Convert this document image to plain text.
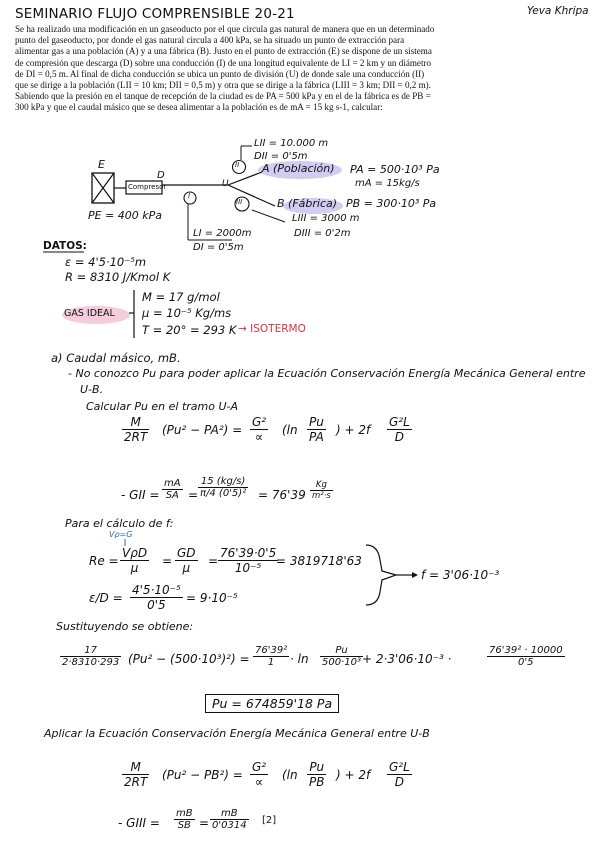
SEMINARIO FLUJO COMPRENSIBLE 20-21	Yeva Khripa
Se ha realizado una modificación en un gaseoducto por el que circula gas natural de manera que en un determinado
punto del gaseoducto, por donde el gas natural circula a 400 kPa, se ha situado un punto de extracción para
alimentar gas a una población (A) y a una fábrica (B). Justo en el punto de extracción (E) se dispone de un sistema
de compresión que descarga (D) sobre una conducción (I) de una longitud equivalente de LI = 2 km y un diámetro
de DI = 0,5 m. Al final de dicha conducción se ubica un punto de división (U) de donde sale una conducción (II)
que se dirige a la población (LII = 10 km; DII = 0,5 m) y otra que se dirige a la fábrica (LIII = 3 km; DII = 0,2 m).
Sabiendo que la presión en el tanque de recepción de la ciudad es de PA = 500 kPa y en el de la fábrica es de PB =
300 kPa y que el caudal másico que se desea alimentar a la población es de mA = 15 kg s-1, calcular:
E
D
Compresor	U
I
II
III
A (Población)
B (Fábrica)
PE = 400 kPa
LII = 10.000 m
DII = 0'5m
PA = 500·10³ Pa
mA = 15kg/s
PB = 300·10³ Pa
LIII = 3000 m
DIII = 0'2m
LI = 2000m
DI = 0'5m
DATOS:
ε = 4'5·10⁻⁵m
R = 8310 J/Kmol K
GAS IDEAL
M = 17 g/mol
µ = 10⁻⁵ Kg/ms
T = 20° = 293 K → ISOTERMO
a) Caudal másico, mB.
- No conozco Pu para poder aplicar la Ecuación Conservación Energía Mecánica General entre
U-B.
Calcular Pu en el tramo U-A
$\frac{M}{2RT} (Pu^2 - PA^2)$ =
G²
∝	($\ln \frac{Pu}{PA}$ ) + $2f \frac{\text{G²L}}{D}$
- GII = $\frac{mA}{SA} = \frac{15 (kg/s)}{\text{π/4 (0'5)²}} = 76'39 \frac{Kg}{\text{m²·s}}$
Para el cálculo de f:
Vρ=G
Re =
VρD
µ	=
GD
µ	= $\frac{76'39\cdot 0'5}{\text{10⁻⁵}}$
= 3819718'63
$\varepsilon/D = \frac{\text{4'5·10⁻⁵}}{0'5} = 9\cdot 10^{-5}$
f = 3'06·10⁻³
Sustituyendo se obtiene:
$\frac{17}{2\cdot 8310\cdot 293} (Pu^2 - (500\cdot 10^3)^2) = \frac{\text{76'39²}}{1} \cdot \ln \frac{Pu}{\text{500·10³}} + 2\cdot 3'06\cdot 10^{-3}$ ·	$\frac{\text{76'39² · 10000}}{0'5}$
Pu = 674859'18 Pa
Aplicar la Ecuación Conservación Energía Mecánica General entre U-B
$\frac{M}{2RT} (Pu^2 - PB^2)$ =
G²
∝	($\ln \frac{Pu}{PB}$ ) + $2f \frac{\text{G²L}}{D}$
- GIII = $\frac{mB}{SB} = \frac{mB}{0'0314} [2]$
